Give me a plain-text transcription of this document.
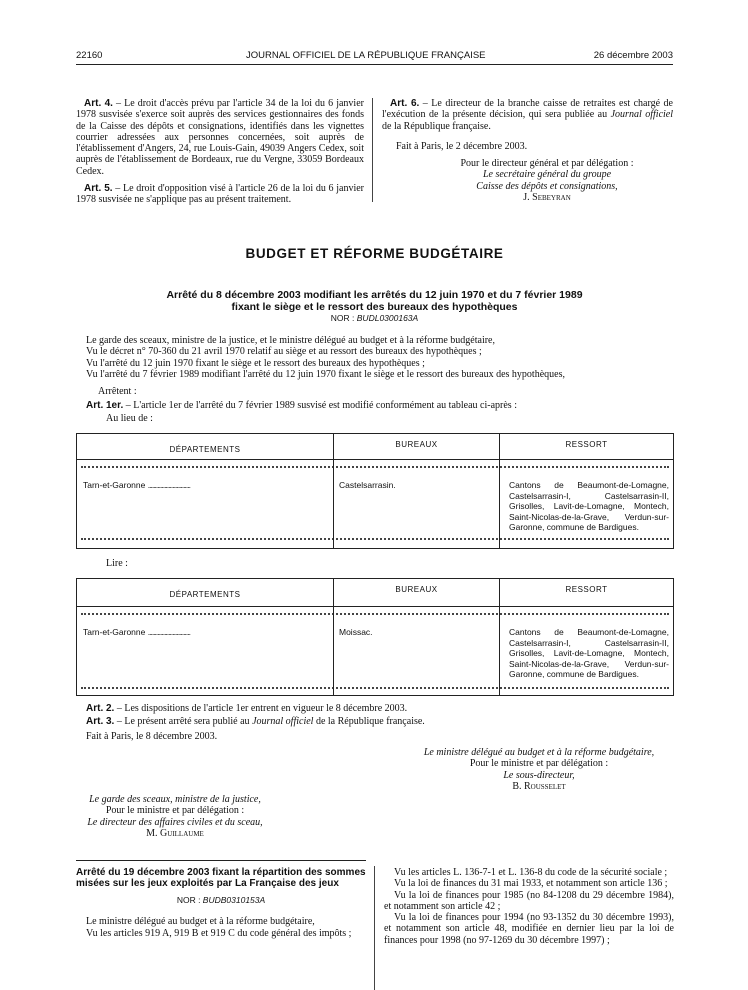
22160	JOURNAL OFFICIEL DE LA RÉPUBLIQUE FRANÇAISE	26 décembre 2003

Art. 4. – Le droit d'accès prévu par l'article 34 de la loi du 6 janvier 1978 susvisée s'exerce soit auprès des services gestionnaires des fonds de la Caisse des dépôts et consignations, identifiés dans les vignettes courrier adressées aux personnes concernées, soit auprès de l'établissement d'Angers, 24, rue Louis-Gain, 49039 Angers Cedex, soit auprès de l'établissement de Bordeaux, rue du Vergne, 33059 Bordeaux Cedex.

Art. 5. – Le droit d'opposition visé à l'article 26 de la loi du 6 janvier 1978 susvisée ne s'applique pas au présent traitement.

Art. 6. – Le directeur de la branche caisse de retraites est chargé de l'exécution de la présente décision, qui sera publiée au Journal officiel de la République française.

Fait à Paris, le 2 décembre 2003.

Pour le directeur général et par délégation :
Le secrétaire général du groupe
Caisse des dépôts et consignations,
J. Sebeyran
BUDGET ET RÉFORME BUDGÉTAIRE
Arrêté du 8 décembre 2003 modifiant les arrêtés du 12 juin 1970 et du 7 février 1989
fixant le siège et le ressort des bureaux des hypothèques
NOR : BUDL0300163A
Le garde des sceaux, ministre de la justice, et le ministre délégué au budget et à la réforme budgétaire,
Vu le décret n° 70-360 du 21 avril 1970 relatif au siège et au ressort des bureaux des hypothèques ;
Vu l'arrêté du 12 juin 1970 fixant le siège et le ressort des bureaux des hypothèques ;
Vu l'arrêté du 7 février 1989 modifiant l'arrêté du 12 juin 1970 fixant le siège et le ressort des bureaux des hypothèques,
Arrêtent :
Art. 1er. – L'article 1er de l'arrêté du 7 février 1989 susvisé est modifié conformément au tableau ci-après :
Au lieu de :
DÉPARTEMENTS	BUREAUX	RESSORT

Tarn-et-Garonne ...............................	Castelsarrasin.	Cantons de Beaumont-de-Lomagne, Castelsarrasin-I, Castelsarrasin-II, Grisolles, Lavit-de-Lomagne, Montech, Saint-Nicolas-de-la-Grave, Verdun-sur-Garonne, commune de Bardigues.
Lire :
DÉPARTEMENTS	BUREAUX	RESSORT

Tarn-et-Garonne ...............................	Moissac.	Cantons de Beaumont-de-Lomagne, Castelsarrasin-I, Castelsarrasin-II, Grisolles, Lavit-de-Lomagne, Montech, Saint-Nicolas-de-la-Grave, Verdun-sur-Garonne, commune de Bardigues.
Art. 2. – Les dispositions de l'article 1er entrent en vigueur le 8 décembre 2003.
Art. 3. – Le présent arrêté sera publié au Journal officiel de la République française.
Fait à Paris, le 8 décembre 2003.
Le ministre délégué au budget et à la réforme budgétaire,
Pour le ministre et par délégation :
Le sous-directeur,
B. Rousselet
Le garde des sceaux, ministre de la justice,
Pour le ministre et par délégation :
Le directeur des affaires civiles et du sceau,
M. Guillaume
Arrêté du 19 décembre 2003 fixant la répartition des sommes misées sur les jeux exploités par La Française des jeux
NOR : BUDB0310153A

Le ministre délégué au budget et à la réforme budgétaire,

Vu les articles 919 A, 919 B et 919 C du code général des impôts ;

Vu les articles L. 136-7-1 et L. 136-8 du code de la sécurité sociale ;

Vu la loi de finances du 31 mai 1933, et notamment son article 136 ;

Vu la loi de finances pour 1985 (no 84-1208 du 29 décembre 1984), et notamment son article 42 ;

Vu la loi de finances pour 1994 (no 93-1352 du 30 décembre 1993), et notamment son article 48, modifiée en dernier lieu par la loi de finances pour 1998 (no 97-1269 du 30 décembre 1997) ;
